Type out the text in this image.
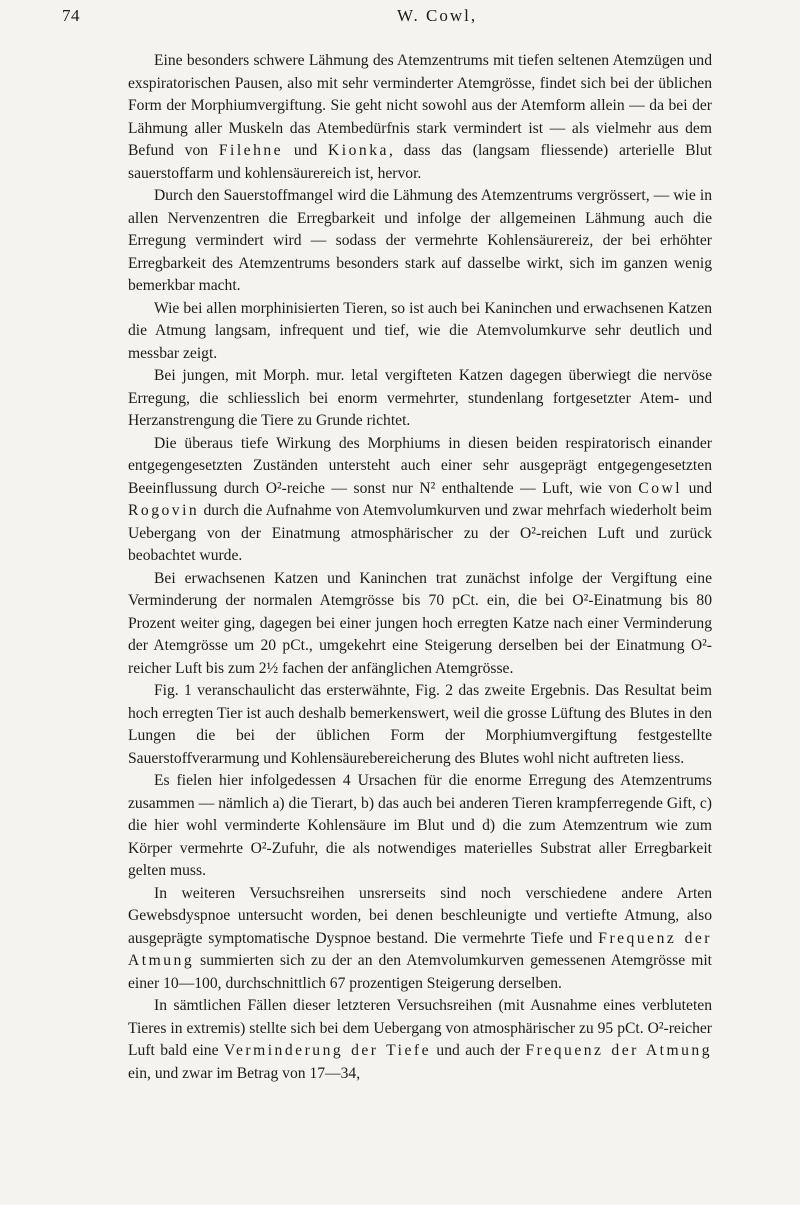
74	W. Cowl,

Eine besonders schwere Lähmung des Atemzentrums mit tiefen seltenen Atemzügen und exspiratorischen Pausen, also mit sehr verminderter Atemgrösse, findet sich bei der üblichen Form der Morphiumvergiftung. Sie geht nicht sowohl aus der Atemform allein — da bei der Lähmung aller Muskeln das Atembedürfnis stark vermindert ist — als vielmehr aus dem Befund von Filehne und Kionka, dass das (langsam fliessende) arterielle Blut sauerstoffarm und kohlensäurereich ist, hervor.

Durch den Sauerstoffmangel wird die Lähmung des Atemzentrums vergrössert, — wie in allen Nervenzentren die Erregbarkeit und infolge der allgemeinen Lähmung auch die Erregung vermindert wird — sodass der vermehrte Kohlensäurereiz, der bei erhöhter Erregbarkeit des Atemzentrums besonders stark auf dasselbe wirkt, sich im ganzen wenig bemerkbar macht.

Wie bei allen morphinisierten Tieren, so ist auch bei Kaninchen und erwachsenen Katzen die Atmung langsam, infrequent und tief, wie die Atemvolumkurve sehr deutlich und messbar zeigt.

Bei jungen, mit Morph. mur. letal vergifteten Katzen dagegen überwiegt die nervöse Erregung, die schliesslich bei enorm vermehrter, stundenlang fortgesetzter Atem- und Herzanstrengung die Tiere zu Grunde richtet.

Die überaus tiefe Wirkung des Morphiums in diesen beiden respiratorisch einander entgegengesetzten Zuständen untersteht auch einer sehr ausgeprägt entgegengesetzten Beeinflussung durch O²-reiche — sonst nur N² enthaltende — Luft, wie von Cowl und Rogovin durch die Aufnahme von Atemvolumkurven und zwar mehrfach wiederholt beim Uebergang von der Einatmung atmosphärischer zu der O²-reichen Luft und zurück beobachtet wurde.

Bei erwachsenen Katzen und Kaninchen trat zunächst infolge der Vergiftung eine Verminderung der normalen Atemgrösse bis 70 pCt. ein, die bei O²-Einatmung bis 80 Prozent weiter ging, dagegen bei einer jungen hoch erregten Katze nach einer Verminderung der Atemgrösse um 20 pCt., umgekehrt eine Steigerung derselben bei der Einatmung O²-reicher Luft bis zum 2½ fachen der anfänglichen Atemgrösse.

Fig. 1 veranschaulicht das ersterwähnte, Fig. 2 das zweite Ergebnis. Das Resultat beim hoch erregten Tier ist auch deshalb bemerkenswert, weil die grosse Lüftung des Blutes in den Lungen die bei der üblichen Form der Morphiumvergiftung festgestellte Sauerstoffverarmung und Kohlensäurebereicherung des Blutes wohl nicht auftreten liess.

Es fielen hier infolgedessen 4 Ursachen für die enorme Erregung des Atemzentrums zusammen — nämlich a) die Tierart, b) das auch bei anderen Tieren krampferregende Gift, c) die hier wohl verminderte Kohlensäure im Blut und d) die zum Atemzentrum wie zum Körper vermehrte O²-Zufuhr, die als notwendiges materielles Substrat aller Erregbarkeit gelten muss.

In weiteren Versuchsreihen unsrerseits sind noch verschiedene andere Arten Gewebsdyspnoe untersucht worden, bei denen beschleunigte und vertiefte Atmung, also ausgeprägte symptomatische Dyspnoe bestand. Die vermehrte Tiefe und Frequenz der Atmung summierten sich zu der an den Atemvolumkurven gemessenen Atemgrösse mit einer 10—100, durchschnittlich 67 prozentigen Steigerung derselben.

In sämtlichen Fällen dieser letzteren Versuchsreihen (mit Ausnahme eines verbluteten Tieres in extremis) stellte sich bei dem Uebergang von atmosphärischer zu 95 pCt. O²-reicher Luft bald eine Verminderung der Tiefe und auch der Frequenz der Atmung ein, und zwar im Betrag von 17—34,
